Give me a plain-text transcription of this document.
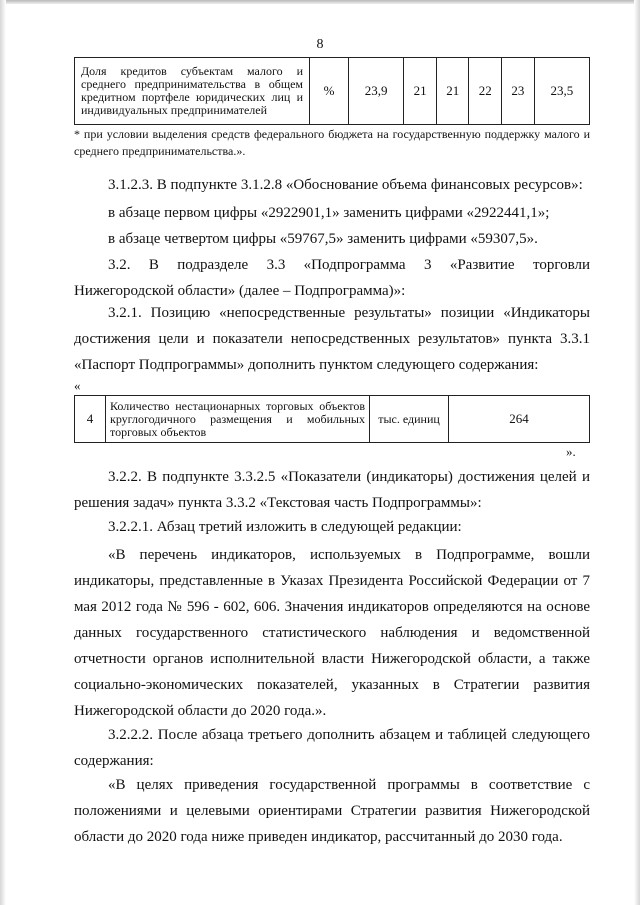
8
Доля кредитов субъектам малого и среднего предпринимательства в общем кредитном портфеле юридических лиц и индивидуальных предпринимателей	%	23,9	21	21	22	23	23,5
* при условии выделения средств федерального бюджета на государственную поддержку малого и среднего предпринимательства.».

3.1.2.3. В подпункте 3.1.2.8 «Обоснование объема финансовых ресурсов»:

в абзаце первом цифры «2922901,1» заменить цифрами «2922441,1»;

в абзаце четвертом цифры «59767,5» заменить цифрами «59307,5».

3.2. В подразделе 3.3 «Подпрограмма 3 «Развитие торговли Нижегородской области» (далее – Подпрограмма)»:

3.2.1. Позицию «непосредственные результаты» позиции «Индикаторы достижения цели и показатели непосредственных результатов» пункта 3.3.1 «Паспорт Подпрограммы» дополнить пунктом следующего содержания:

«
4	Количество нестационарных торговых объектов круглогодичного размещения и мобильных торговых объектов	тыс. единиц	264
».

3.2.2. В подпункте 3.3.2.5 «Показатели (индикаторы) достижения целей и решения задач» пункта 3.3.2 «Текстовая часть Подпрограммы»:

3.2.2.1. Абзац третий изложить в следующей редакции:

«В перечень индикаторов, используемых в Подпрограмме, вошли индикаторы, представленные в Указах Президента Российской Федерации от 7 мая 2012 года № 596 - 602, 606. Значения индикаторов определяются на основе данных государственного статистического наблюдения и ведомственной отчетности органов исполнительной власти Нижегородской области, а также социально-экономических показателей, указанных в Стратегии развития Нижегородской области до 2020 года.».

3.2.2.2. После абзаца третьего дополнить абзацем и таблицей следующего содержания:

«В целях приведения государственной программы в соответствие с положениями и целевыми ориентирами Стратегии развития Нижегородской области до 2020 года ниже приведен индикатор, рассчитанный до 2030 года.
